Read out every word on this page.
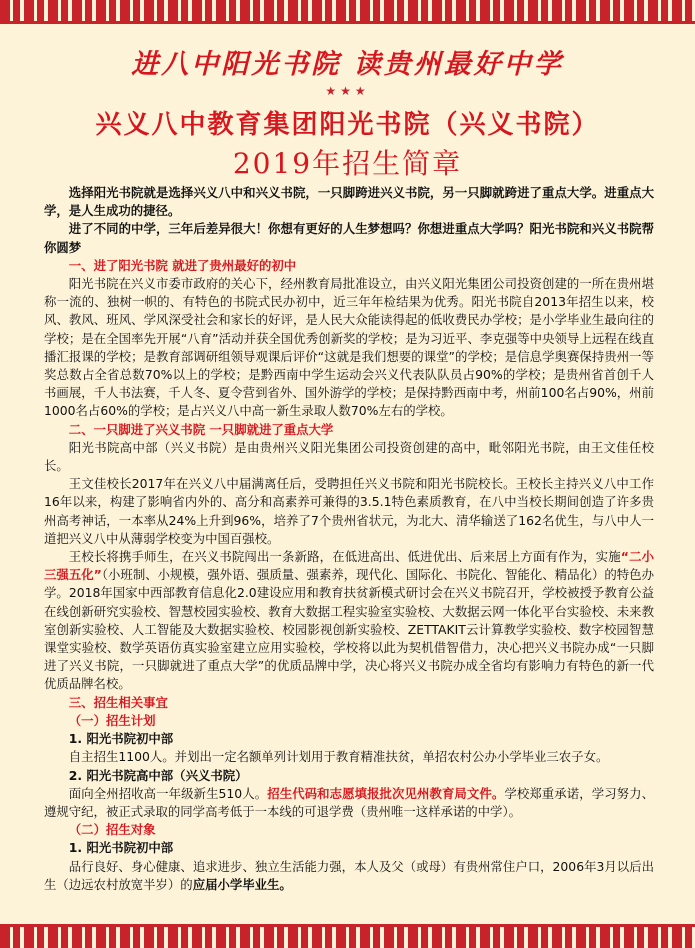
进八中阳光书院 读贵州最好中学
★★★
兴义八中教育集团阳光书院（兴义书院）
2019年招生简章

选择阳光书院就是选择兴义八中和兴义书院，一只脚跨进兴义书院，另一只脚就跨进了重点大学。进重点大学，是人生成功的捷径。

进了不同的中学，三年后差异很大！你想有更好的人生梦想吗？你想进重点大学吗？阳光书院和兴义书院帮你圆梦

一、进了阳光书院 就进了贵州最好的初中

阳光书院在兴义市委市政府的关心下，经州教育局批准设立，由兴义阳光集团公司投资创建的一所在贵州堪称一流的、独树一帜的、有特色的书院式民办初中，近三年年检结果为优秀。阳光书院自2013年招生以来，校风、教风、班风、学风深受社会和家长的好评，是人民大众能读得起的低收费民办学校；是小学毕业生最向往的学校；是在全国率先开展“八育”活动并获全国优秀创新奖的学校；是为习近平、李克强等中央领导上远程在线直播汇报课的学校；是教育部调研组领导观课后评价“这就是我们想要的课堂”的学校；是信息学奥赛保持贵州一等奖总数占全省总数70%以上的学校；是黔西南中学生运动会兴义代表队队员占90%的学校；是贵州省首创千人书画展，千人书法赛，千人冬、夏令营到省外、国外游学的学校；是保持黔西南中考，州前100名占90%，州前1000名占60%的学校；是占兴义八中高一新生录取人数70%左右的学校。

二、一只脚进了兴义书院 一只脚就进了重点大学

阳光书院高中部（兴义书院）是由贵州兴义阳光集团公司投资创建的高中，毗邻阳光书院，由王文佳任校长。

王文佳校长2017年在兴义八中届满离任后，受聘担任兴义书院和阳光书院校长。王校长主持兴义八中工作16年以来，构建了影响省内外的、高分和高素养可兼得的3.5.1特色素质教育，在八中当校长期间创造了许多贵州高考神话，一本率从24%上升到96%，培养了7个贵州省状元，为北大、清华输送了162名优生，与八中人一道把兴义八中从薄弱学校变为中国百强校。

王校长将携手师生，在兴义书院闯出一条新路，在低进高出、低进优出、后来居上方面有作为，实施“二小三强五化”（小班制、小规模，强外语、强质量、强素养，现代化、国际化、书院化、智能化、精品化）的特色办学。2018年国家中西部教育信息化2.0建设应用和教育扶贫新模式研讨会在兴义书院召开，学校被授予教育公益在线创新研究实验校、智慧校园实验校、教育大数据工程实验室实验校、大数据云网一体化平台实验校、未来教室创新实验校、人工智能及大数据实验校、校园影视创新实验校、ZETTAKIT云计算教学实验校、数字校园智慧课堂实验校、数学英语仿真实验室建立应用实验校，学校将以此为契机借智借力，决心把兴义书院办成“一只脚进了兴义书院，一只脚就进了重点大学”的优质品牌中学，决心将兴义书院办成全省均有影响力有特色的新一代优质品牌名校。

三、招生相关事宜
（一）招生计划
1. 阳光书院初中部

自主招生1100人。并划出一定名额单列计划用于教育精准扶贫，单招农村公办小学毕业三农子女。

2. 阳光书院高中部（兴义书院）

面向全州招收高一年级新生510人。招生代码和志愿填报批次见州教育局文件。学校郑重承诺，学习努力、遵规守纪，被正式录取的同学高考低于一本线的可退学费（贵州唯一这样承诺的中学）。

（二）招生对象
1. 阳光书院初中部

品行良好、身心健康、追求进步、独立生活能力强，本人及父（或母）有贵州常住户口，2006年3月以后出生（边远农村放宽半岁）的应届小学毕业生。
